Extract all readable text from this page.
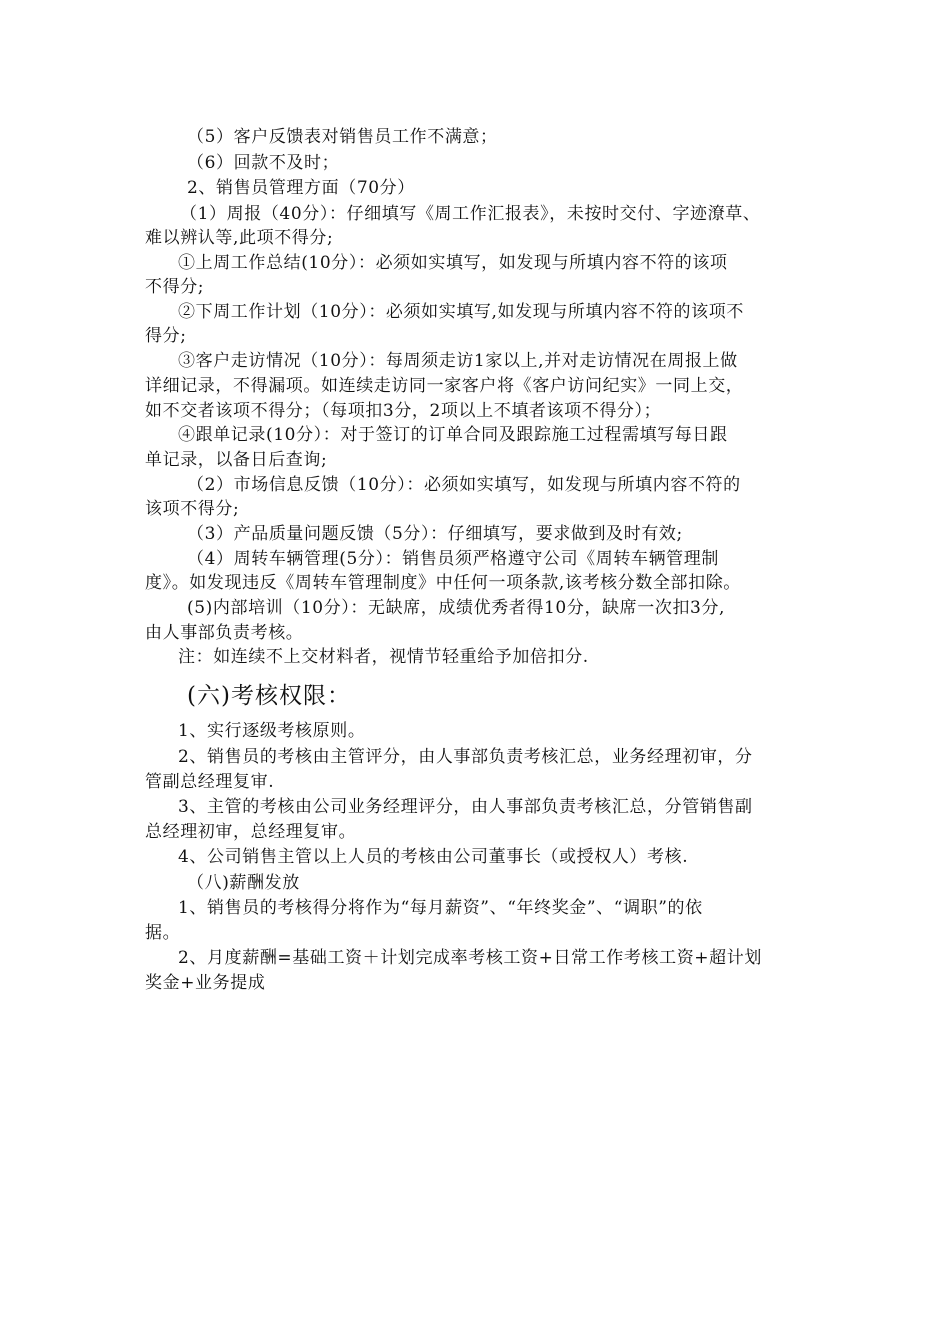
（5）客户反馈表对销售员工作不满意；
（6）回款不及时；
2、销售员管理方面（70分）
（1）周报（40分）：仔细填写《周工作汇报表》，未按时交付、字迹潦草、
难以辨认等,此项不得分;
①上周工作总结(10分）：必须如实填写，如发现与所填内容不符的该项
不得分;
②下周工作计划（10分）：必须如实填写,如发现与所填内容不符的该项不
得分;
③客户走访情况（10分）：每周须走访1家以上,并对走访情况在周报上做
详细记录，不得漏项。如连续走访同一家客户将《客户访问纪实》一同上交，
如不交者该项不得分；（每项扣3分，2项以上不填者该项不得分）；
④跟单记录(10分）：对于签订的订单合同及跟踪施工过程需填写每日跟
单记录，以备日后查询;
（2）市场信息反馈（10分）：必须如实填写，如发现与所填内容不符的
该项不得分;
（3）产品质量问题反馈（5分）：仔细填写，要求做到及时有效;
（4）周转车辆管理(5分）：销售员须严格遵守公司《周转车辆管理制
度》。如发现违反《周转车管理制度》中任何一项条款,该考核分数全部扣除。
(5)内部培训（10分）：无缺席，成绩优秀者得10分，缺席一次扣3分,
由人事部负责考核。
注：如连续不上交材料者，视情节轻重给予加倍扣分.
(六)考核权限：
1、实行逐级考核原则。
2、销售员的考核由主管评分，由人事部负责考核汇总，业务经理初审，分
管副总经理复审.
3、主管的考核由公司业务经理评分，由人事部负责考核汇总，分管销售副
总经理初审，总经理复审。
4、公司销售主管以上人员的考核由公司董事长（或授权人）考核.
（八)薪酬发放
1、销售员的考核得分将作为“每月薪资”、“年终奖金”、“调职”的依
据。
2、月度薪酬=基础工资＋计划完成率考核工资+日常工作考核工资+超计划
奖金+业务提成
